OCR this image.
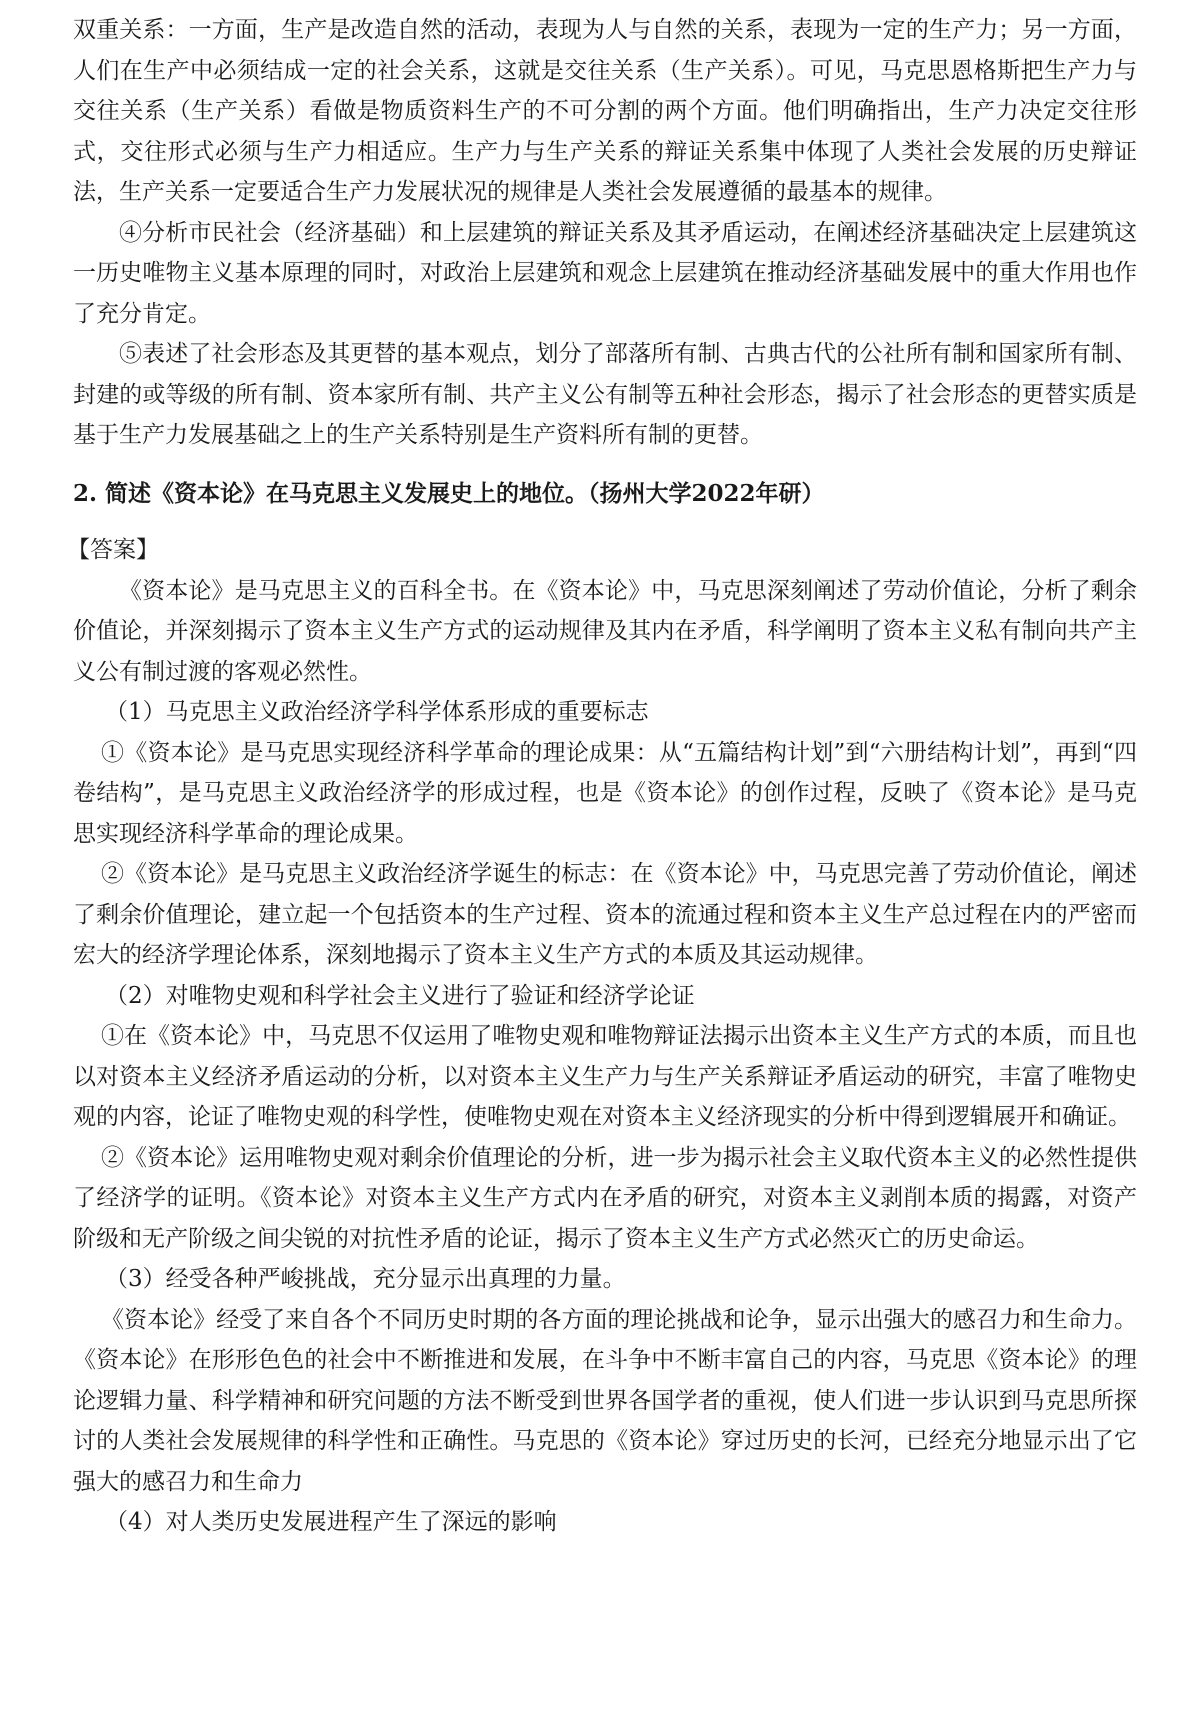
双重关系：一方面，生产是改造自然的活动，表现为人与自然的关系，表现为一定的生产力；另一方面，人们在生产中必须结成一定的社会关系，这就是交往关系（生产关系）。可见，马克思恩格斯把生产力与交往关系（生产关系）看做是物质资料生产的不可分割的两个方面。他们明确指出，生产力决定交往形式，交往形式必须与生产力相适应。生产力与生产关系的辩证关系集中体现了人类社会发展的历史辩证法，生产关系一定要适合生产力发展状况的规律是人类社会发展遵循的最基本的规律。

④分析市民社会（经济基础）和上层建筑的辩证关系及其矛盾运动，在阐述经济基础决定上层建筑这一历史唯物主义基本原理的同时，对政治上层建筑和观念上层建筑在推动经济基础发展中的重大作用也作了充分肯定。

⑤表述了社会形态及其更替的基本观点，划分了部落所有制、古典古代的公社所有制和国家所有制、封建的或等级的所有制、资本家所有制、共产主义公有制等五种社会形态，揭示了社会形态的更替实质是基于生产力发展基础之上的生产关系特别是生产资料所有制的更替。

2. 简述《资本论》在马克思主义发展史上的地位。（扬州大学2022年研）

【答案】

《资本论》是马克思主义的百科全书。在《资本论》中，马克思深刻阐述了劳动价值论，分析了剩余价值论，并深刻揭示了资本主义生产方式的运动规律及其内在矛盾，科学阐明了资本主义私有制向共产主义公有制过渡的客观必然性。

（1）马克思主义政治经济学科学体系形成的重要标志

①《资本论》是马克思实现经济科学革命的理论成果：从“五篇结构计划”到“六册结构计划”，再到“四卷结构”，是马克思主义政治经济学的形成过程，也是《资本论》的创作过程，反映了《资本论》是马克思实现经济科学革命的理论成果。

②《资本论》是马克思主义政治经济学诞生的标志：在《资本论》中，马克思完善了劳动价值论，阐述了剩余价值理论，建立起一个包括资本的生产过程、资本的流通过程和资本主义生产总过程在内的严密而宏大的经济学理论体系，深刻地揭示了资本主义生产方式的本质及其运动规律。

（2）对唯物史观和科学社会主义进行了验证和经济学论证

①在《资本论》中，马克思不仅运用了唯物史观和唯物辩证法揭示出资本主义生产方式的本质，而且也以对资本主义经济矛盾运动的分析，以对资本主义生产力与生产关系辩证矛盾运动的研究，丰富了唯物史观的内容，论证了唯物史观的科学性，使唯物史观在对资本主义经济现实的分析中得到逻辑展开和确证。

②《资本论》运用唯物史观对剩余价值理论的分析，进一步为揭示社会主义取代资本主义的必然性提供了经济学的证明。《资本论》对资本主义生产方式内在矛盾的研究，对资本主义剥削本质的揭露，对资产阶级和无产阶级之间尖锐的对抗性矛盾的论证，揭示了资本主义生产方式必然灭亡的历史命运。

（3）经受各种严峻挑战，充分显示出真理的力量。

《资本论》经受了来自各个不同历史时期的各方面的理论挑战和论争，显示出强大的感召力和生命力。《资本论》在形形色色的社会中不断推进和发展，在斗争中不断丰富自己的内容，马克思《资本论》的理论逻辑力量、科学精神和研究问题的方法不断受到世界各国学者的重视，使人们进一步认识到马克思所探讨的人类社会发展规律的科学性和正确性。马克思的《资本论》穿过历史的长河，已经充分地显示出了它强大的感召力和生命力

（4）对人类历史发展进程产生了深远的影响
